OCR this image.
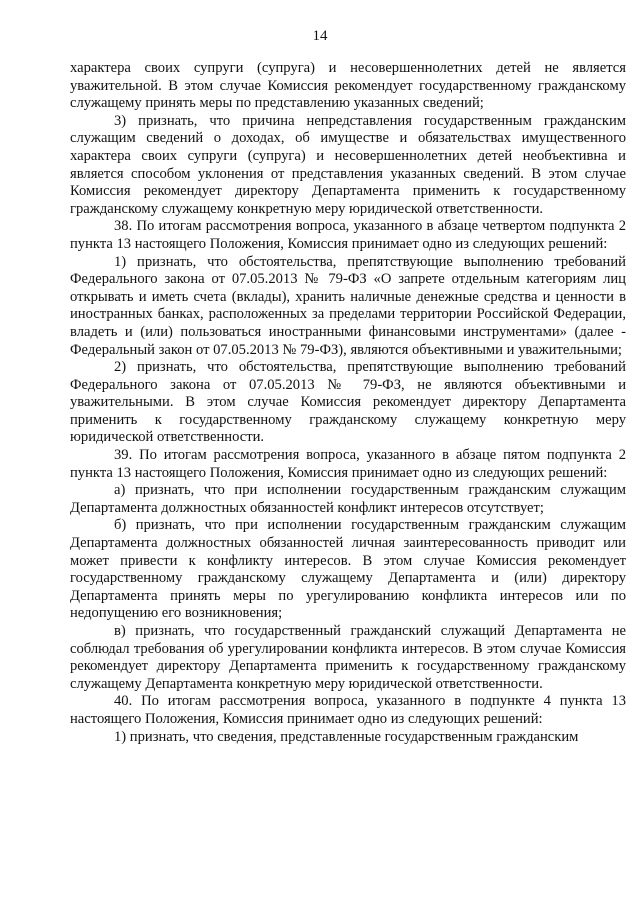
14

характера своих супруги (супруга) и несовершеннолетних детей не является уважительной. В этом случае Комиссия рекомендует государственному гражданскому служащему принять меры по представлению указанных сведений;

3) признать, что причина непредставления государственным гражданским служащим сведений о доходах, об имуществе и обязательствах имущественного характера своих супруги (супруга) и несовершеннолетних детей необъективна и является способом уклонения от представления указанных сведений. В этом случае Комиссия рекомендует директору Департамента применить к государственному гражданскому служащему конкретную меру юридической ответственности.

38. По итогам рассмотрения вопроса, указанного в абзаце четвертом подпункта 2 пункта 13 настоящего Положения, Комиссия принимает одно из следующих решений:

1) признать, что обстоятельства, препятствующие выполнению требований Федерального закона от 07.05.2013 № 79-ФЗ «О запрете отдельным категориям лиц открывать и иметь счета (вклады), хранить наличные денежные средства и ценности в иностранных банках, расположенных за пределами территории Российской Федерации, владеть и (или) пользоваться иностранными финансовыми инструментами» (далее - Федеральный закон от 07.05.2013 № 79-ФЗ), являются объективными и уважительными;

2) признать, что обстоятельства, препятствующие выполнению требований Федерального закона от 07.05.2013 № 79-ФЗ, не являются объективными и уважительными. В этом случае Комиссия рекомендует директору Департамента применить к государственному гражданскому служащему конкретную меру юридической ответственности.

39. По итогам рассмотрения вопроса, указанного в абзаце пятом подпункта 2 пункта 13 настоящего Положения, Комиссия принимает одно из следующих решений:

а) признать, что при исполнении государственным гражданским служащим Департамента должностных обязанностей конфликт интересов отсутствует;

б) признать, что при исполнении государственным гражданским служащим Департамента должностных обязанностей личная заинтересованность приводит или может привести к конфликту интересов. В этом случае Комиссия рекомендует государственному гражданскому служащему Департамента и (или) директору Департамента принять меры по урегулированию конфликта интересов или по недопущению его возникновения;

в) признать, что государственный гражданский служащий Департамента не соблюдал требования об урегулировании конфликта интересов. В этом случае Комиссия рекомендует директору Департамента применить к государственному гражданскому служащему Департамента конкретную меру юридической ответственности.

40. По итогам рассмотрения вопроса, указанного в подпункте 4 пункта 13 настоящего Положения, Комиссия принимает одно из следующих решений:

1) признать, что сведения, представленные государственным гражданским
